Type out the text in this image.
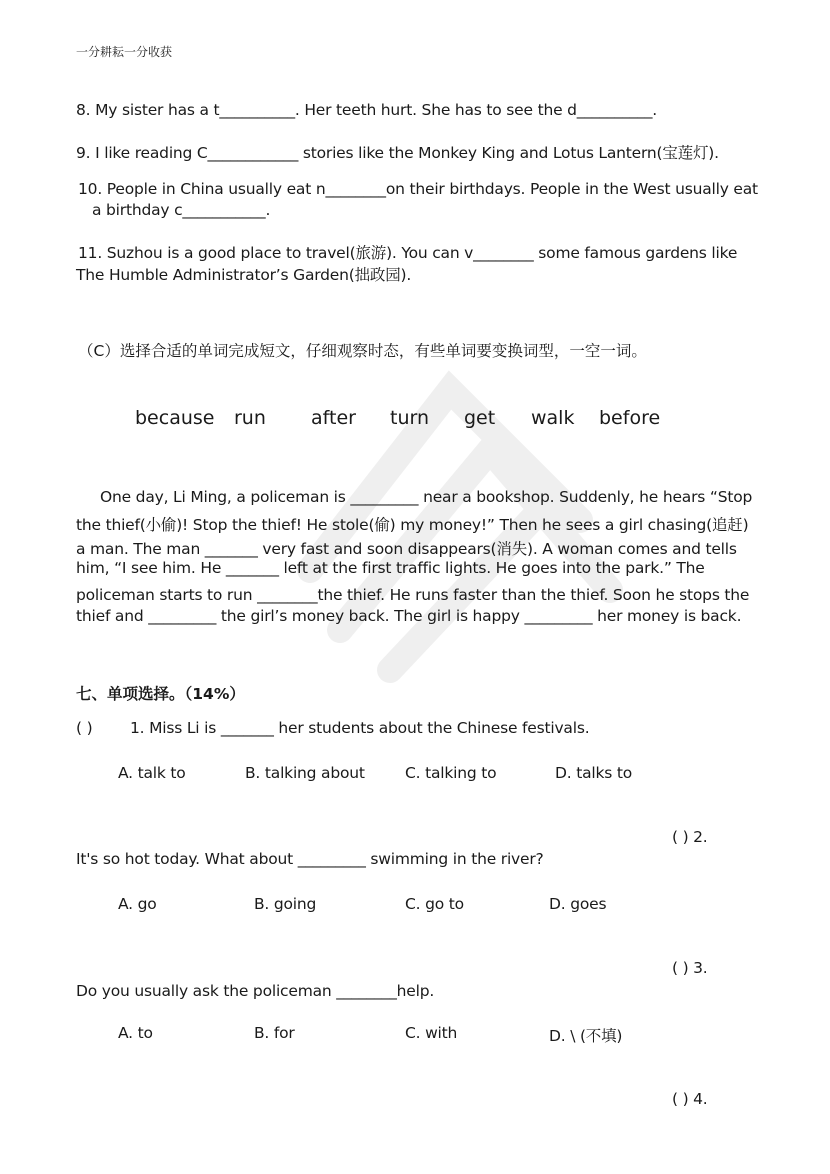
一分耕耘一分收获
8. My sister has a t__________. Her teeth hurt. She has to see the d__________.
9. I like reading C____________ stories like the Monkey King and Lotus Lantern(宝莲灯).
10. People in China usually eat n________on their birthdays. People in the West usually eat
a birthday c___________.
11. Suzhou is a good place to travel(旅游). You can v________ some famous gardens like
The Humble Administrator’s Garden(拙政园).
（C）选择合适的单词完成短文，仔细观察时态，有些单词要变换词型，一空一词。
because run after turn get walk before
One day, Li Ming, a policeman is _________ near a bookshop. Suddenly, he hears “Stop
the thief(小偷)! Stop the thief! He stole(偷) my money!” Then he sees a girl chasing(追赶)
a man. The man _______ very fast and soon disappears(消失). A woman comes and tells
him, “I see him. He _______ left at the first traffic lights. He goes into the park.” The
policeman starts to run ________the thief. He runs faster than the thief. Soon he stops the
thief and _________ the girl’s money back. The girl is happy _________ her money is back.
七、单项选择。（14%）
( ) 1. Miss Li is _______ her students about the Chinese festivals.
A. talk to	B. talking about	C. talking to	D. talks to
( ) 2.
It's so hot today. What about _________ swimming in the river?
A. go	B. going	C. go to	D. goes
( ) 3.
Do you usually ask the policeman ________help.
A. to	B. for	C. with	D. \ (不填)
( ) 4.
